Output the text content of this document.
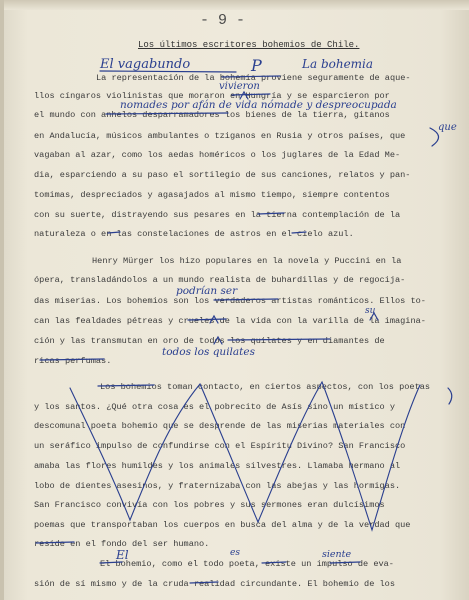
- 9 -
Los últimos escritores bohemios de Chile.
La representación de la bohemia proviene seguramente de aque-
llos cíngaros violinistas que moraron en Hungría y se esparcieron por
el mundo con anhelos desparramadores los bienes de la tierra, gitanos
en Andalucía, músicos ambulantes o tziganos en Rusia y otros países, que
vagaban al azar, como los aedas homéricos o los juglares de la Edad Me-
dia, esparciendo a su paso el sortilegio de sus canciones, relatos y pan-
tomimas, despreciados y agasajados al mismo tiempo, siempre contentos
con su suerte, distrayendo sus pesares en la tierna contemplación de la
naturaleza o en las constelaciones de astros en el cielo azul.
Henry Mürger los hizo populares en la novela y Puccini en la
ópera, transladándolos a un mundo realista de buhardillas y de regocija-
das miserias. Los bohemios son los verdaderos artistas románticos. Ellos to-
can las fealdades pétreas y crueles de la vida con la varilla de la imagina-
ción y las transmutan en oro de todos los quilates y en diamantes de
ricas perfumas.
Los bohemios toman contacto, en ciertos aspectos, con los poetas
y los santos. ¿Qué otra cosa es el pobrecito de Asís sino un místico y
descomunal poeta bohemio que se desprende de las miserias materiales con
un seráfico impulso de confundirse con el Espíritu Divino? San Francisco
amaba las flores humildes y los animales silvestres. Llamaba hermano al
lobo de dientes asesinos, y fraternizaba con las abejas y las hormigas.
San Francisco convivía con los pobres y sus sermones eran dulcísimos
poemas que transportaban los cuerpos en busca del alma y de la verdad que
reside en el fondo del ser humano.
El bohemio, como el todo poeta, existe un impulso de eva-
sión de sí mismo y de la cruda realidad circundante. El bohemio de los
El vagabundo	P	La bohemia
vivieron
nomades por afán de vida nómade y despreocupada
que
podrían ser
su
todos los quilates
El	es	siente
